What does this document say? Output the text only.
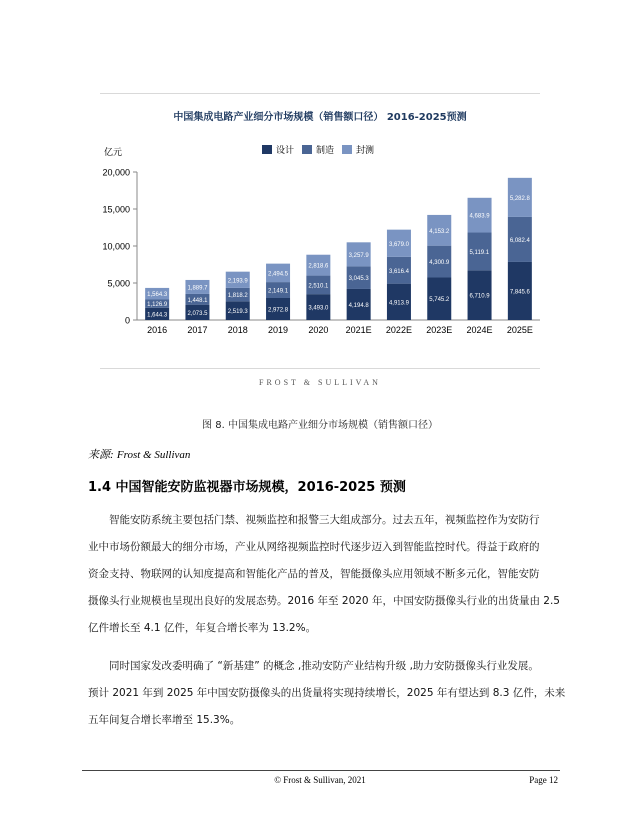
中国集成电路产业细分市场规模（销售额口径） 2016-2025预测
0
5,000
10,000
15,000
20,000
亿元	设计 制造 封测
1,644.3
1,126.9
1,564.3
2016
2,073.5
1,448.1
1,889.7
2017
2,519.3
1,818.2
2,193.9
2018
2,972.8
2,149.1
2,494.5
2019
3,493.0
2,510.1
2,818.6
2020
4,194.8
3,045.3
3,257.9
2021E
4,913.9
3,616.4
3,679.0
2022E
5,745.2
4,300.9
4,153.2
2023E
6,710.9
5,119.1
4,683.9
2024E
7,845.6
6,082.4
5,282.8
2025E
FROST & SULLIVAN
图 8. 中国集成电路产业细分市场规模（销售额口径）
来源: Frost & Sullivan
1.4 中国智能安防监视器市场规模，2016-2025 预测
智能安防系统主要包括门禁、视频监控和报警三大组成部分。过去五年，视频监控作为安防行
业中市场份额最大的细分市场，产业从网络视频监控时代逐步迈入到智能监控时代。得益于政府的
资金支持、物联网的认知度提高和智能化产品的普及，智能摄像头应用领域不断多元化，智能安防
摄像头行业规模也呈现出良好的发展态势。2016 年至 2020 年，中国安防摄像头行业的出货量由 2.5
亿件增长至 4.1 亿件，年复合增长率为 13.2%。
同时国家发改委明确了 “新基建” 的概念 ,推动安防产业结构升级 ,助力安防摄像头行业发展。
预计 2021 年到 2025 年中国安防摄像头的出货量将实现持续增长，2025 年有望达到 8.3 亿件，未来
五年间复合增长率增至 15.3%。
© Frost & Sullivan, 2021	Page 12
